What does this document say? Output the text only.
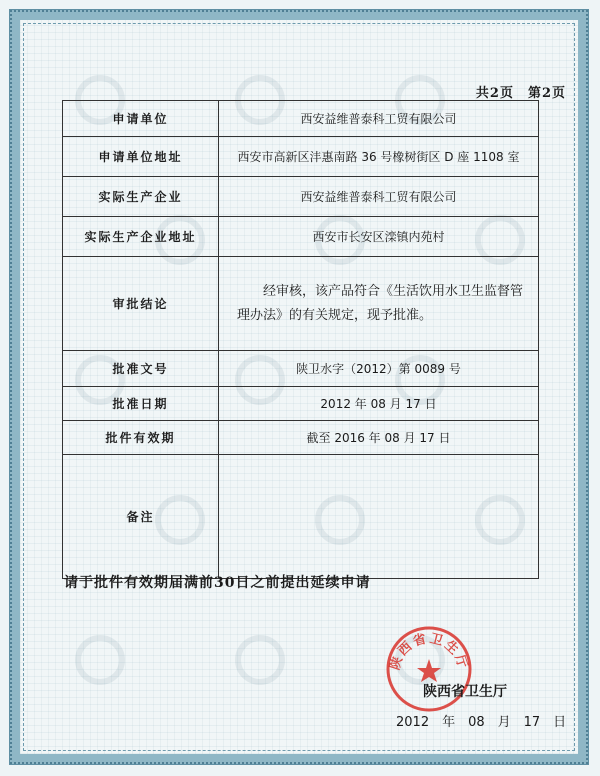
共2页　第2页
申请单位	西安益维普泰科工贸有限公司
申请单位地址	西安市高新区沣惠南路 36 号橡树街区 D 座 1108 室
实际生产企业	西安益维普泰科工贸有限公司
实际生产企业地址	西安市长安区滦镇内苑村
审批结论	经审核，该产品符合《生活饮用水卫生监督管理办法》的有关规定，现予批准。

批准文号	陕卫水字（2012）第 0089 号
批准日期	2012 年 08 月 17 日
批件有效期	截至 2016 年 08 月 17 日
备注	
请于批件有效期届满前30日之前提出延续申请
陕西省卫生厅
陕西省卫生厅
2012　年　08　月　17　日
